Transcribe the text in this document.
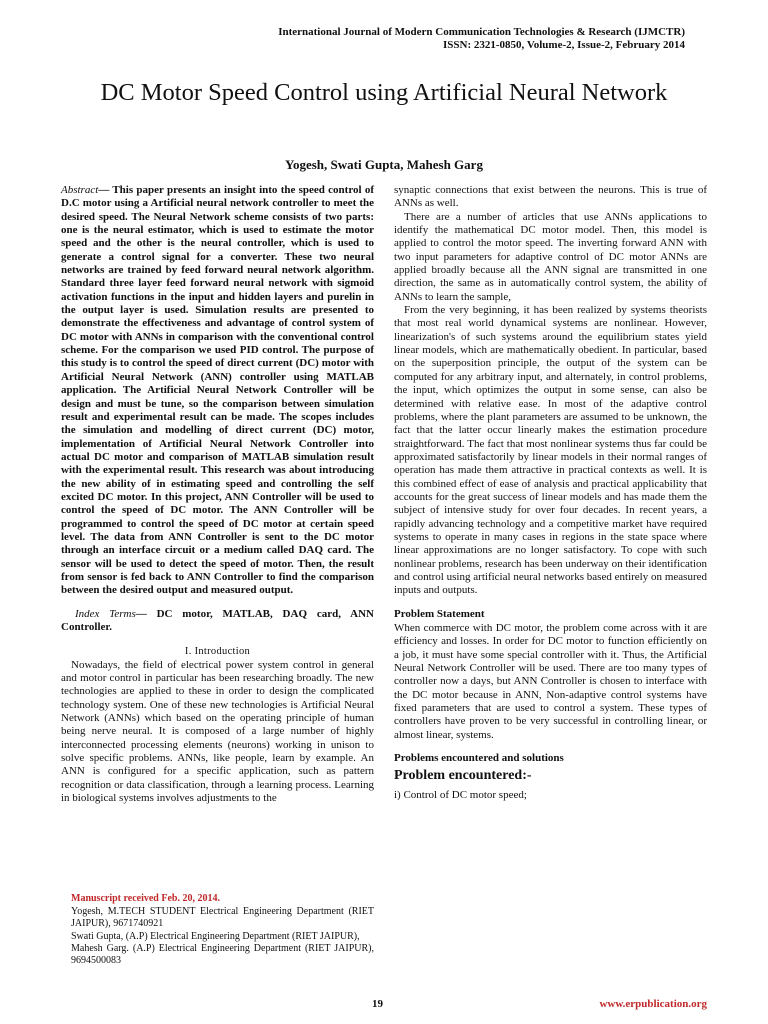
International Journal of Modern Communication Technologies & Research (IJMCTR)
ISSN: 2321-0850, Volume-2, Issue-2, February 2014
DC Motor Speed Control using Artificial Neural Network
Yogesh, Swati Gupta, Mahesh Garg

Abstract— This paper presents an insight into the speed control of D.C motor using a Artificial neural network controller to meet the desired speed. The Neural Network scheme consists of two parts: one is the neural estimator, which is used to estimate the motor speed and the other is the neural controller, which is used to generate a control signal for a converter. These two neural networks are trained by feed forward neural network algorithm. Standard three layer feed forward neural network with sigmoid activation functions in the input and hidden layers and purelin in the output layer is used. Simulation results are presented to demonstrate the effectiveness and advantage of control system of DC motor with ANNs in comparison with the conventional control scheme. For the comparison we used PID control. The purpose of this study is to control the speed of direct current (DC) motor with Artificial Neural Network (ANN) controller using MATLAB application. The Artificial Neural Network Controller will be design and must be tune, so the comparison between simulation result and experimental result can be made. The scopes includes the simulation and modelling of direct current (DC) motor, implementation of Artificial Neural Network Controller into actual DC motor and comparison of MATLAB simulation result with the experimental result. This research was about introducing the new ability of in estimating speed and controlling the self excited DC motor. In this project, ANN Controller will be used to control the speed of DC motor. The ANN Controller will be programmed to control the speed of DC motor at certain speed level. The data from ANN Controller is sent to the DC motor through an interface circuit or a medium called DAQ card. The sensor will be used to detect the speed of motor. Then, the result from sensor is fed back to ANN Controller to find the comparison between the desired output and measured output.

Index Terms— DC motor, MATLAB, DAQ card, ANN Controller.

I. Introduction

Nowadays, the field of electrical power system control in general and motor control in particular has been researching broadly. The new technologies are applied to these in order to design the complicated technology system. One of these new technologies is Artificial Neural Network (ANNs) which based on the operating principle of human being nerve neural. It is composed of a large number of highly interconnected processing elements (neurons) working in unison to solve specific problems. ANNs, like people, learn by example. An ANN is configured for a specific application, such as pattern recognition or data classification, through a learning process. Learning in biological systems involves adjustments to the

Manuscript received Feb. 20, 2014.

Yogesh, M.TECH STUDENT Electrical Engineering Department (RIET JAIPUR), 9671740921

Swati Gupta, (A.P) Electrical Engineering Department (RIET JAIPUR),

Mahesh Garg. (A.P) Electrical Engineering Department (RIET JAIPUR), 9694500083

synaptic connections that exist between the neurons. This is true of ANNs as well.

There are a number of articles that use ANNs applications to identify the mathematical DC motor model. Then, this model is applied to control the motor speed. The inverting forward ANN with two input parameters for adaptive control of DC motor ANNs are applied broadly because all the ANN signal are transmitted in one direction, the same as in automatically control system, the ability of ANNs to learn the sample,

From the very beginning, it has been realized by systems theorists that most real world dynamical systems are nonlinear. However, linearization's of such systems around the equilibrium states yield linear models, which are mathematically obedient. In particular, based on the superposition principle, the output of the system can be computed for any arbitrary input, and alternately, in control problems, the input, which optimizes the output in some sense, can also be determined with relative ease. In most of the adaptive control problems, where the plant parameters are assumed to be unknown, the fact that the latter occur linearly makes the estimation procedure straightforward. The fact that most nonlinear systems thus far could be approximated satisfactorily by linear models in their normal ranges of operation has made them attractive in practical contexts as well. It is this combined effect of ease of analysis and practical applicability that accounts for the great success of linear models and has made them the subject of intensive study for over four decades. In recent years, a rapidly advancing technology and a competitive market have required systems to operate in many cases in regions in the state space where linear approximations are no longer satisfactory. To cope with such nonlinear problems, research has been underway on their identification and control using artificial neural networks based entirely on measured inputs and outputs.

Problem Statement

When commerce with DC motor, the problem come across with it are efficiency and losses. In order for DC motor to function efficiently on a job, it must have some special controller with it. Thus, the Artificial Neural Network Controller will be used. There are too many types of controller now a days, but ANN Controller is chosen to interface with the DC motor because in ANN, Non-adaptive control systems have fixed parameters that are used to control a system. These types of controllers have proven to be very successful in controlling linear, or almost linear, systems.

Problems encountered and solutions
Problem encountered:-

i) Control of DC motor speed;

19	www.erpublication.org
